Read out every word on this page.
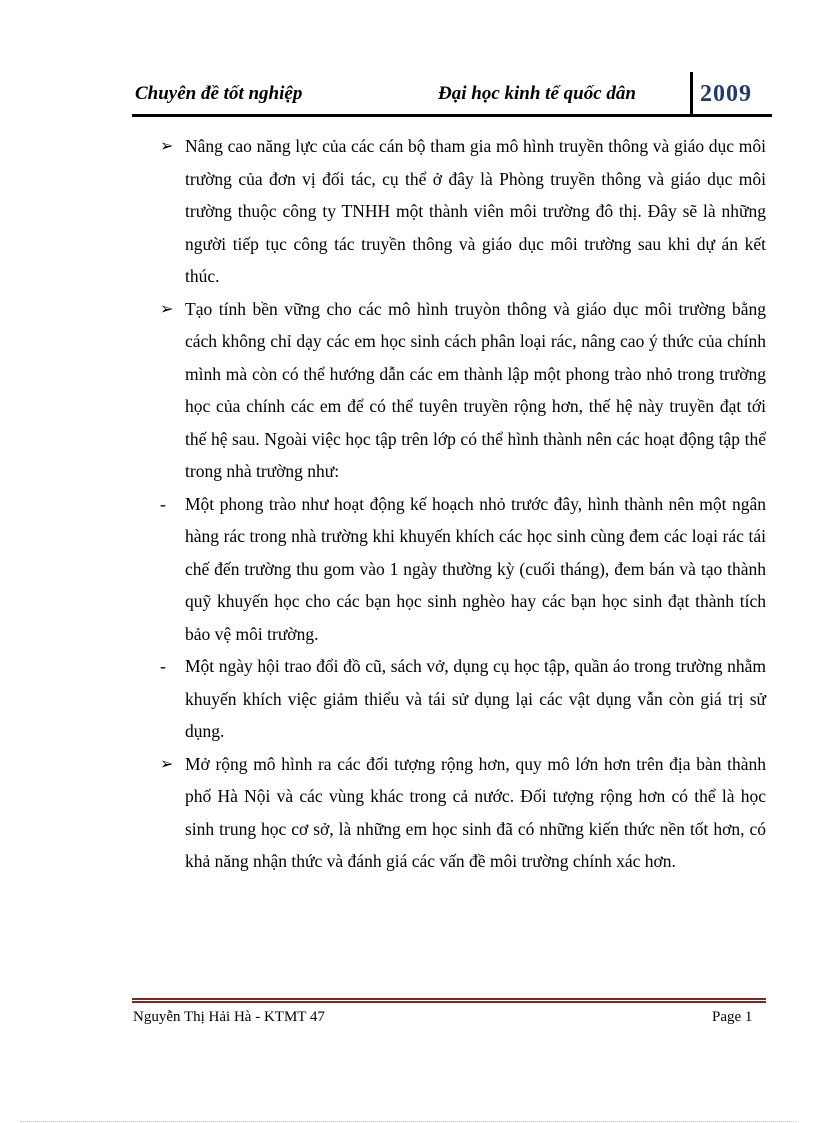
Chuyên đề tốt nghiệp	Đại học kinh tế quốc dân	2009
➢ Nâng cao năng lực của các cán bộ tham gia mô hình truyền thông và giáo dục môi trường của đơn vị đối tác, cụ thể ở đây là Phòng truyền thông và giáo dục môi trường thuộc công ty TNHH một thành viên môi trường đô thị. Đây sẽ là những người tiếp tục công tác truyền thông và giáo dục môi trường sau khi dự án kết thúc.
➢ Tạo tính bền vững cho các mô hình truyòn thông và giáo dục môi trường bằng cách không chỉ dạy các em học sinh cách phân loại rác, nâng cao ý thức của chính mình mà còn có thể hướng dẫn các em thành lập một phong trào nhỏ trong trường học của chính các em để có thể tuyên truyền rộng hơn, thế hệ này truyền đạt tới thế hệ sau. Ngoài việc học tập trên lớp có thể hình thành nên các hoạt động tập thể trong nhà trường như:
- Một phong trào như hoạt động kế hoạch nhỏ trước đây, hình thành nên một ngân hàng rác trong nhà trường khi khuyến khích các học sinh cùng đem các loại rác tái chế đến trường thu gom vào 1 ngày thường kỳ (cuối tháng), đem bán và tạo thành quỹ khuyến học cho các bạn học sinh nghèo hay các bạn học sinh đạt thành tích bảo vệ môi trường.
- Một ngày hội trao đổi đồ cũ, sách vở, dụng cụ học tập, quần áo trong trường nhằm khuyến khích việc giảm thiểu và tái sử dụng lại các vật dụng vẫn còn giá trị sử dụng.
➢ Mở rộng mô hình ra các đối tượng rộng hơn, quy mô lớn hơn trên địa bàn thành phố Hà Nội và các vùng khác trong cả nước. Đối tượng rộng hơn có thể là học sinh trung học cơ sở, là những em học sinh đã có những kiến thức nền tốt hơn, có khả năng nhận thức và đánh giá các vấn đề môi trường chính xác hơn.
Nguyễn Thị Hải Hà - KTMT 47	Page 1
